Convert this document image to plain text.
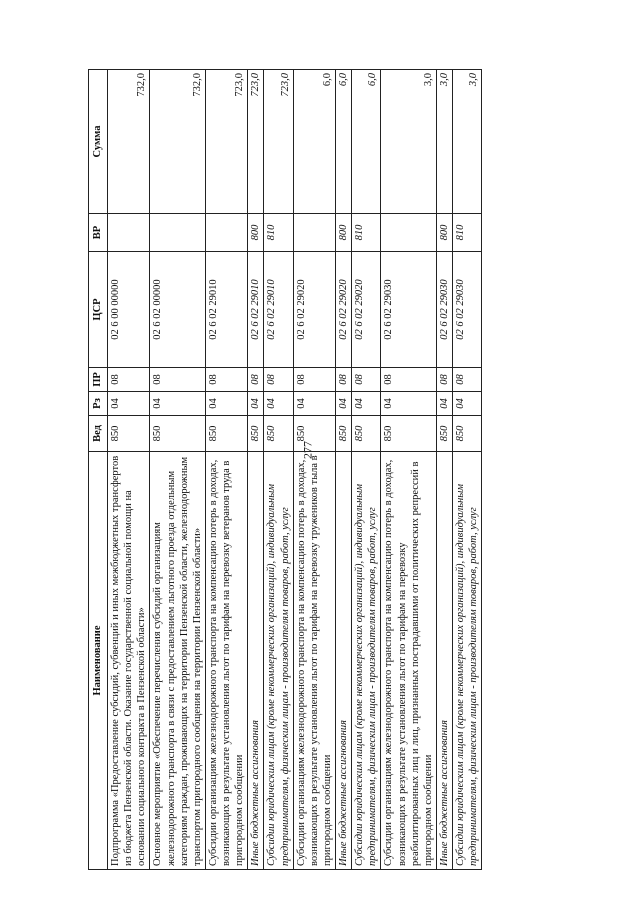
277
Наименование	Вед	Рз	ПР	ЦСР	ВР	Сумма
Подпрограмма «Предоставление субсидий, субвенций и иных межбюджетных трансфертов из бюджета Пензенской области. Оказание государственной социальной помощи на основании социального контракта в Пензенской области»	850	04	08	02 6 00 00000		732,0
Основное мероприятие «Обеспечение перечисления субсидий организациям железнодорожного транспорта в связи с предоставлением льготного проезда отдельным категориям граждан, проживающих на территории Пензенской области, железнодорожным транспортом пригородного сообщения на территории Пензенской области»	850	04	08	02 6 02 00000		732,0
Субсидии организациям железнодорожного транспорта на компенсацию потерь в доходах, возникающих в результате установления льгот по тарифам на перевозку ветеранов труда в пригородном сообщении	850	04	08	02 6 02 29010		723,0
Иные бюджетные ассигнования	850	04	08	02 6 02 29010	800	723,0
Субсидии юридическим лицам (кроме некоммерческих организаций), индивидуальным предпринимателям, физическим лицам - производителям товаров, работ, услуг	850	04	08	02 6 02 29010	810	723,0
Субсидии организациям железнодорожного транспорта на компенсацию потерь в доходах, возникающих в результате установления льгот по тарифам на перевозку тружеников тыла в пригородном сообщении	850	04	08	02 6 02 29020		6,0
Иные бюджетные ассигнования	850	04	08	02 6 02 29020	800	6,0
Субсидии юридическим лицам (кроме некоммерческих организаций), индивидуальным предпринимателям, физическим лицам - производителям товаров, работ, услуг	850	04	08	02 6 02 29020	810	6,0
Субсидии организациям железнодорожного транспорта на компенсацию потерь в доходах, возникающих в результате установления льгот по тарифам на перевозку реабилитированных лиц и лиц, признанных пострадавшими от политических репрессий в пригородном сообщении	850	04	08	02 6 02 29030		3,0
Иные бюджетные ассигнования	850	04	08	02 6 02 29030	800	3,0
Субсидии юридическим лицам (кроме некоммерческих организаций), индивидуальным предпринимателям, физическим лицам - производителям товаров, работ, услуг	850	04	08	02 6 02 29030	810	3,0
